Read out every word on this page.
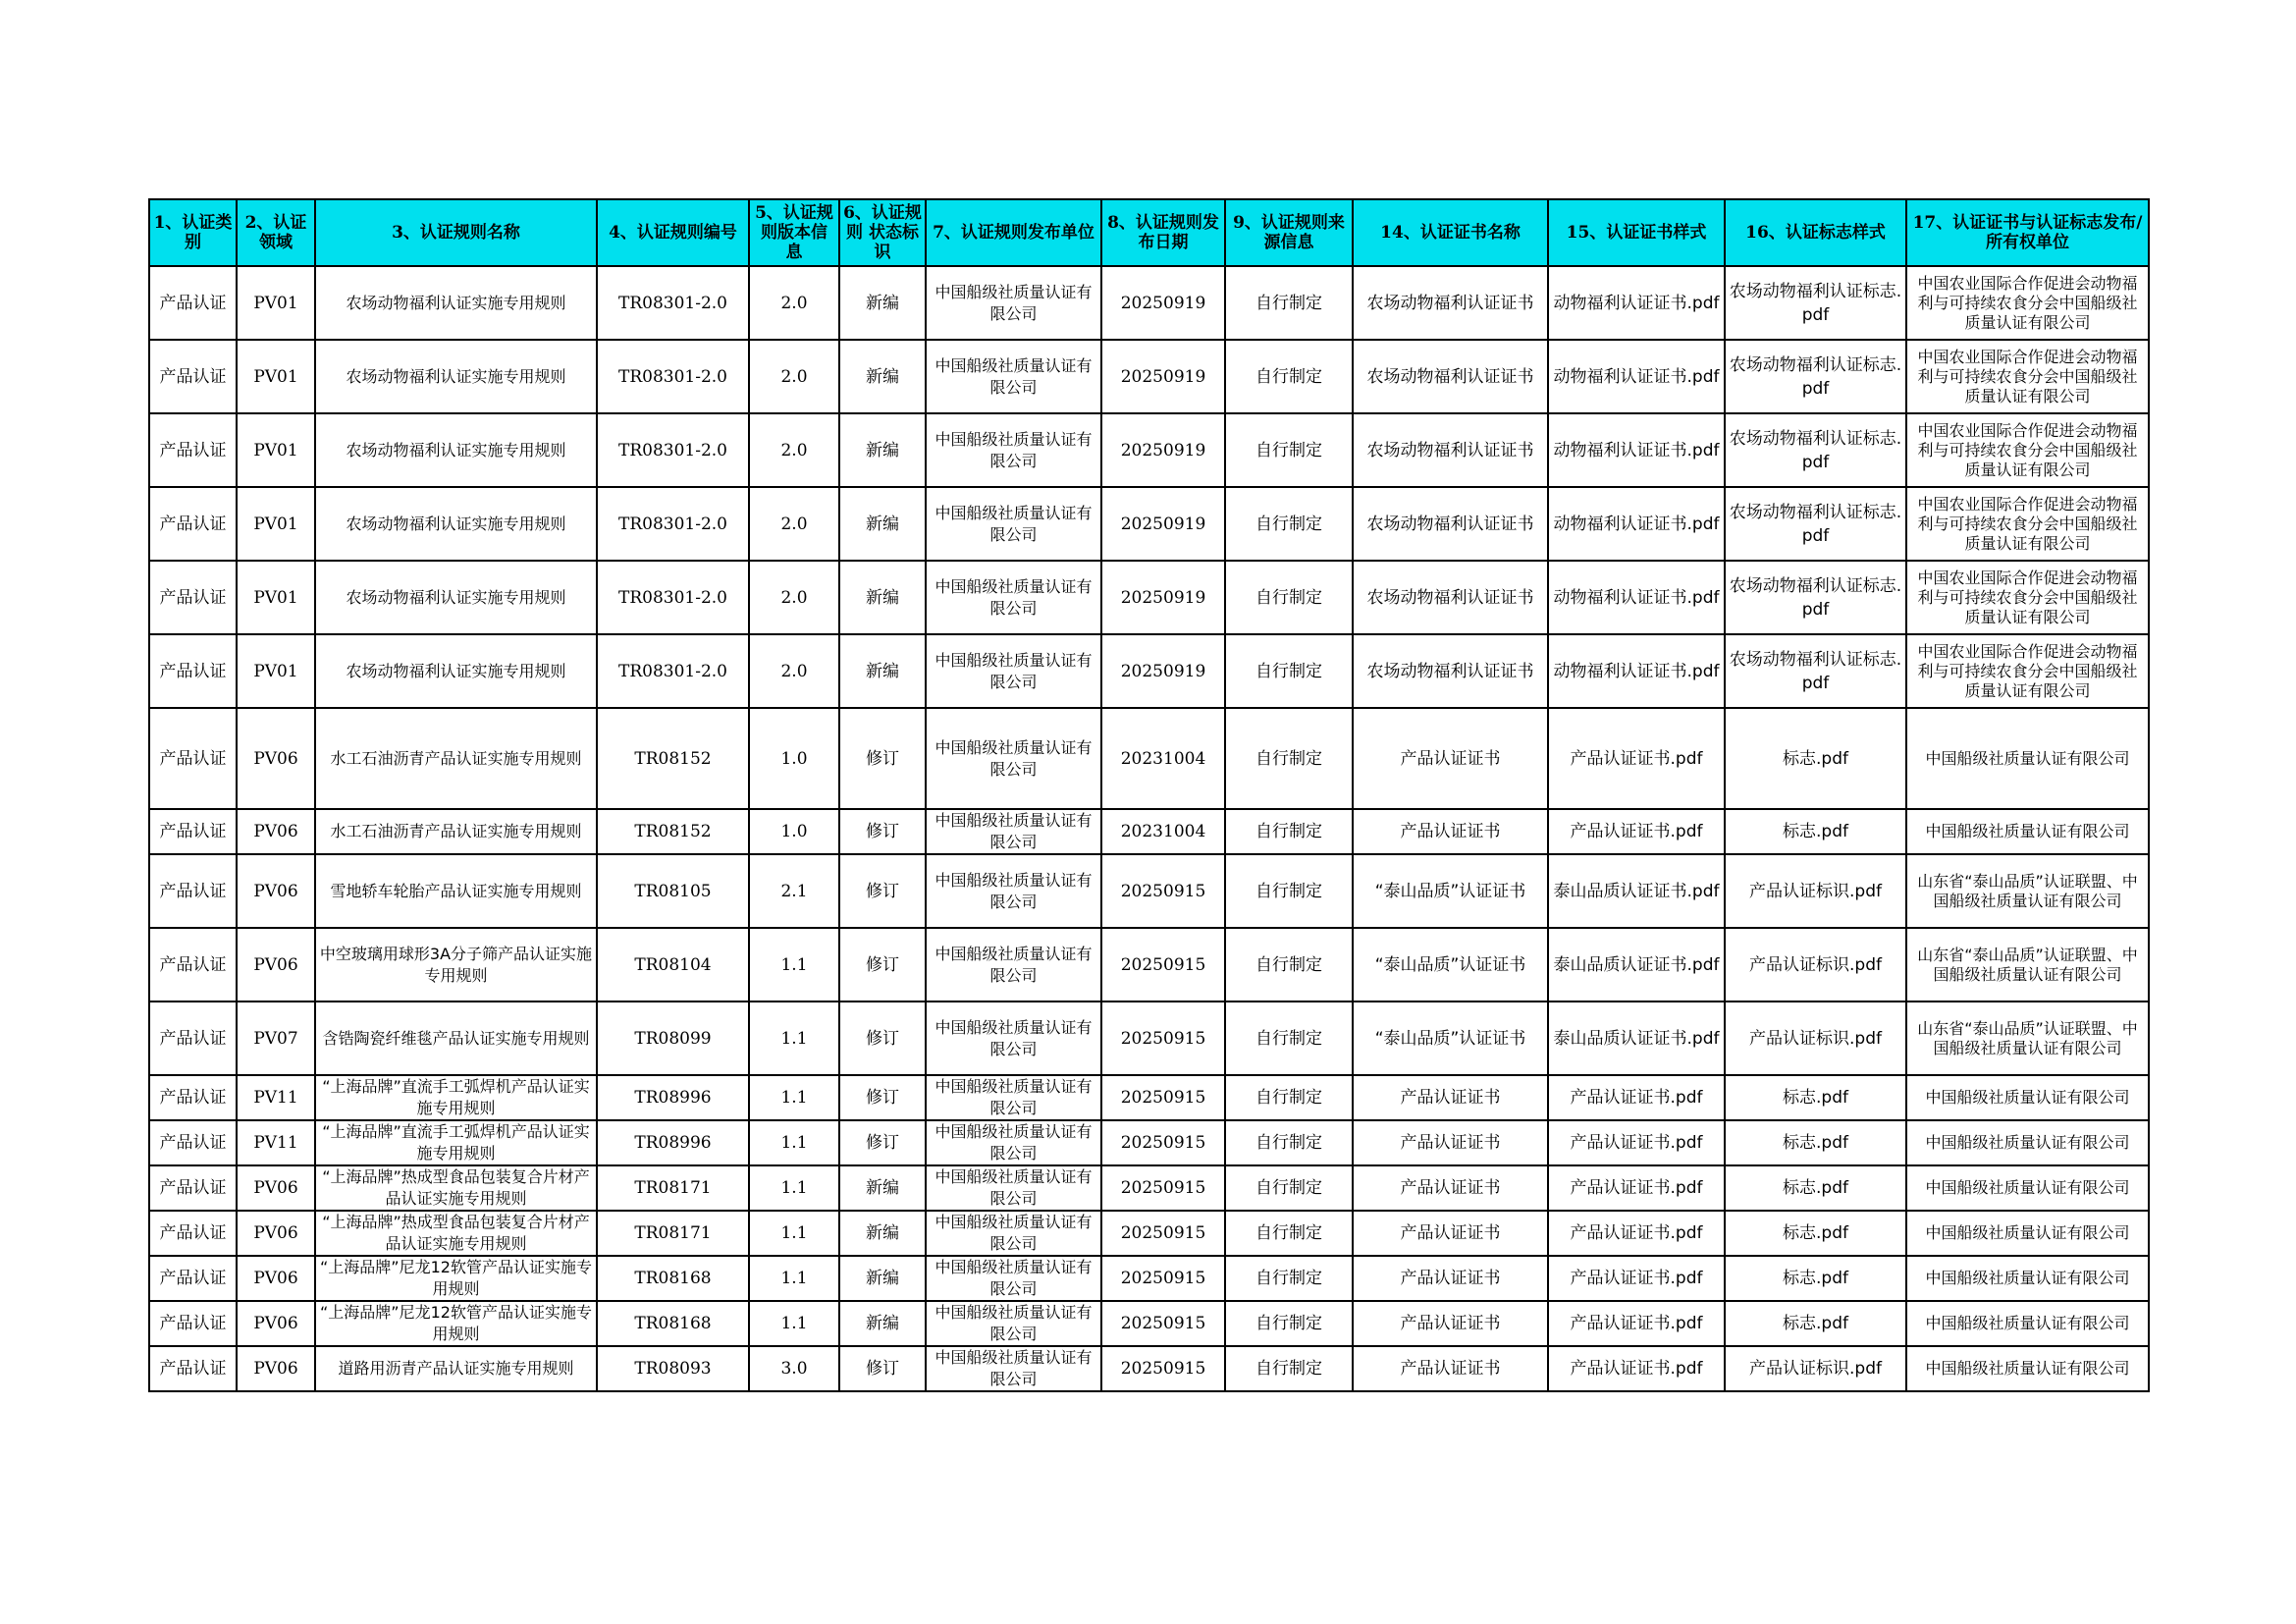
1、认证类别	2、认证领域	3、认证规则名称	4、认证规则编号	5、认证规则版本信息	6、认证规则 状态标识	7、认证规则发布单位	8、认证规则发布日期	9、认证规则来源信息	14、认证证书名称	15、认证证书样式	16、认证标志样式	17、认证证书与认证标志发布/所有权单位
产品认证	PV01	农场动物福利认证实施专用规则	TR08301-2.0	2.0	新编	中国船级社质量认证有限公司	20250919	自行制定	农场动物福利认证证书	动物福利认证证书.pdf	农场动物福利认证标志.pdf	中国农业国际合作促进会动物福利与可持续农食分会中国船级社质量认证有限公司
产品认证	PV01	农场动物福利认证实施专用规则	TR08301-2.0	2.0	新编	中国船级社质量认证有限公司	20250919	自行制定	农场动物福利认证证书	动物福利认证证书.pdf	农场动物福利认证标志.pdf	中国农业国际合作促进会动物福利与可持续农食分会中国船级社质量认证有限公司
产品认证	PV01	农场动物福利认证实施专用规则	TR08301-2.0	2.0	新编	中国船级社质量认证有限公司	20250919	自行制定	农场动物福利认证证书	动物福利认证证书.pdf	农场动物福利认证标志.pdf	中国农业国际合作促进会动物福利与可持续农食分会中国船级社质量认证有限公司
产品认证	PV01	农场动物福利认证实施专用规则	TR08301-2.0	2.0	新编	中国船级社质量认证有限公司	20250919	自行制定	农场动物福利认证证书	动物福利认证证书.pdf	农场动物福利认证标志.pdf	中国农业国际合作促进会动物福利与可持续农食分会中国船级社质量认证有限公司
产品认证	PV01	农场动物福利认证实施专用规则	TR08301-2.0	2.0	新编	中国船级社质量认证有限公司	20250919	自行制定	农场动物福利认证证书	动物福利认证证书.pdf	农场动物福利认证标志.pdf	中国农业国际合作促进会动物福利与可持续农食分会中国船级社质量认证有限公司
产品认证	PV01	农场动物福利认证实施专用规则	TR08301-2.0	2.0	新编	中国船级社质量认证有限公司	20250919	自行制定	农场动物福利认证证书	动物福利认证证书.pdf	农场动物福利认证标志.pdf	中国农业国际合作促进会动物福利与可持续农食分会中国船级社质量认证有限公司
产品认证	PV06	水工石油沥青产品认证实施专用规则	TR08152	1.0	修订	中国船级社质量认证有限公司	20231004	自行制定	产品认证证书	产品认证证书.pdf	标志.pdf	中国船级社质量认证有限公司
产品认证	PV06	水工石油沥青产品认证实施专用规则	TR08152	1.0	修订	中国船级社质量认证有限公司	20231004	自行制定	产品认证证书	产品认证证书.pdf	标志.pdf	中国船级社质量认证有限公司
产品认证	PV06	雪地轿车轮胎产品认证实施专用规则	TR08105	2.1	修订	中国船级社质量认证有限公司	20250915	自行制定	“泰山品质”认证证书	泰山品质认证证书.pdf	产品认证标识.pdf	山东省“泰山品质”认证联盟、中国船级社质量认证有限公司
产品认证	PV06	中空玻璃用球形3A分子筛产品认证实施专用规则	TR08104	1.1	修订	中国船级社质量认证有限公司	20250915	自行制定	“泰山品质”认证证书	泰山品质认证证书.pdf	产品认证标识.pdf	山东省“泰山品质”认证联盟、中国船级社质量认证有限公司
产品认证	PV07	含锆陶瓷纤维毯产品认证实施专用规则	TR08099	1.1	修订	中国船级社质量认证有限公司	20250915	自行制定	“泰山品质”认证证书	泰山品质认证证书.pdf	产品认证标识.pdf	山东省“泰山品质”认证联盟、中国船级社质量认证有限公司
产品认证	PV11	“上海品牌”直流手工弧焊机产品认证实施专用规则	TR08996	1.1	修订	中国船级社质量认证有限公司	20250915	自行制定	产品认证证书	产品认证证书.pdf	标志.pdf	中国船级社质量认证有限公司
产品认证	PV11	“上海品牌”直流手工弧焊机产品认证实施专用规则	TR08996	1.1	修订	中国船级社质量认证有限公司	20250915	自行制定	产品认证证书	产品认证证书.pdf	标志.pdf	中国船级社质量认证有限公司
产品认证	PV06	“上海品牌”热成型食品包装复合片材产品认证实施专用规则	TR08171	1.1	新编	中国船级社质量认证有限公司	20250915	自行制定	产品认证证书	产品认证证书.pdf	标志.pdf	中国船级社质量认证有限公司
产品认证	PV06	“上海品牌”热成型食品包装复合片材产品认证实施专用规则	TR08171	1.1	新编	中国船级社质量认证有限公司	20250915	自行制定	产品认证证书	产品认证证书.pdf	标志.pdf	中国船级社质量认证有限公司
产品认证	PV06	“上海品牌”尼龙12软管产品认证实施专用规则	TR08168	1.1	新编	中国船级社质量认证有限公司	20250915	自行制定	产品认证证书	产品认证证书.pdf	标志.pdf	中国船级社质量认证有限公司
产品认证	PV06	“上海品牌”尼龙12软管产品认证实施专用规则	TR08168	1.1	新编	中国船级社质量认证有限公司	20250915	自行制定	产品认证证书	产品认证证书.pdf	标志.pdf	中国船级社质量认证有限公司
产品认证	PV06	道路用沥青产品认证实施专用规则	TR08093	3.0	修订	中国船级社质量认证有限公司	20250915	自行制定	产品认证证书	产品认证证书.pdf	产品认证标识.pdf	中国船级社质量认证有限公司
